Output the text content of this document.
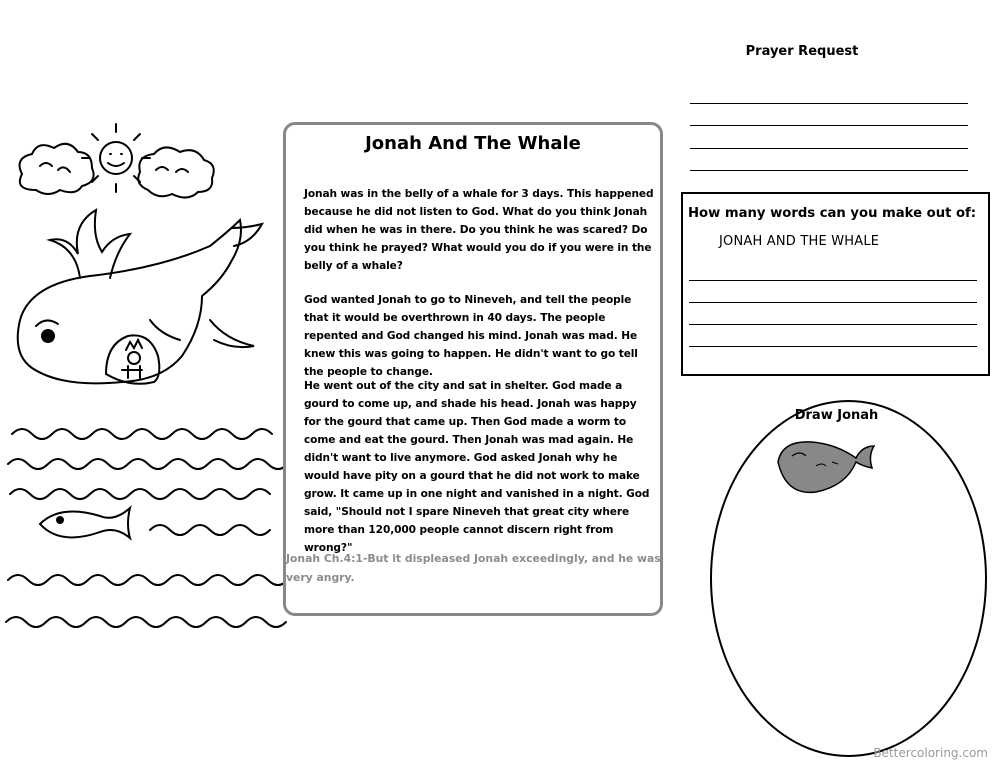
Jonah And The Whale

Jonah was in the belly of a whale for 3 days. This happened because he did not listen to God. What do you think Jonah did when he was in there. Do you think he was scared? Do you think he prayed? What would you do if you were in the belly of a whale?

God wanted Jonah to go to Nineveh, and tell the people that it would be overthrown in 40 days. The people repented and God changed his mind. Jonah was mad. He knew this was going to happen. He didn't want to go tell the people to change.

He went out of the city and sat in shelter. God made a gourd to come up, and shade his head. Jonah was happy for the gourd that came up. Then God made a worm to come and eat the gourd. Then Jonah was mad again. He didn't want to live anymore. God asked Jonah why he would have pity on a gourd that he did not work to make grow. It came up in one night and vanished in a night. God said, "Should not I spare Nineveh that great city where more than 120,000 people cannot discern right from wrong?"

Jonah Ch.4:1-But it displeased Jonah exceedingly, and he was very angry.

Prayer Request
How many words can you make out of:
JONAH AND THE WHALE
Draw Jonah
Bettercoloring.com
